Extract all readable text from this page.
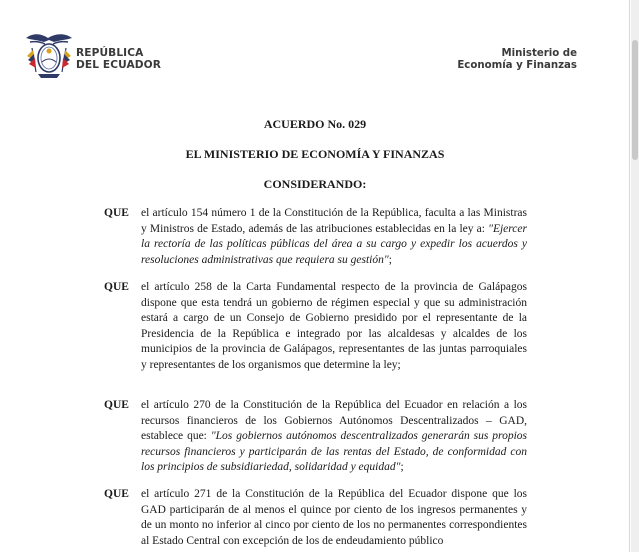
REPÚBLICA
DEL ECUADOR
Ministerio de
Economía y Finanzas
ACUERDO No. 029
EL MINISTERIO DE ECONOMÍA Y FINANZAS
CONSIDERANDO:
QUE el artículo 154 número 1 de la Constitución de la República, faculta a las Ministras y Ministros de Estado, además de las atribuciones establecidas en la ley a: "Ejercer la rectoría de las políticas públicas del área a su cargo y expedir los acuerdos y resoluciones administrativas que requiera su gestión";
QUE el artículo 258 de la Carta Fundamental respecto de la provincia de Galápagos dispone que esta tendrá un gobierno de régimen especial y que su administración estará a cargo de un Consejo de Gobierno presidido por el representante de la Presidencia de la República e integrado por las alcaldesas y alcaldes de los municipios de la provincia de Galápagos, representantes de las juntas parroquiales y representantes de los organismos que determine la ley;
QUE el artículo 270 de la Constitución de la República del Ecuador en relación a los recursos financieros de los Gobiernos Autónomos Descentralizados – GAD, establece que: "Los gobiernos autónomos descentralizados generarán sus propios recursos financieros y participarán de las rentas del Estado, de conformidad con los principios de subsidiariedad, solidaridad y equidad";
QUE el artículo 271 de la Constitución de la República del Ecuador dispone que los GAD participarán de al menos el quince por ciento de los ingresos permanentes y de un monto no inferior al cinco por ciento de los no permanentes correspondientes al Estado Central con excepción de los de endeudamiento público
